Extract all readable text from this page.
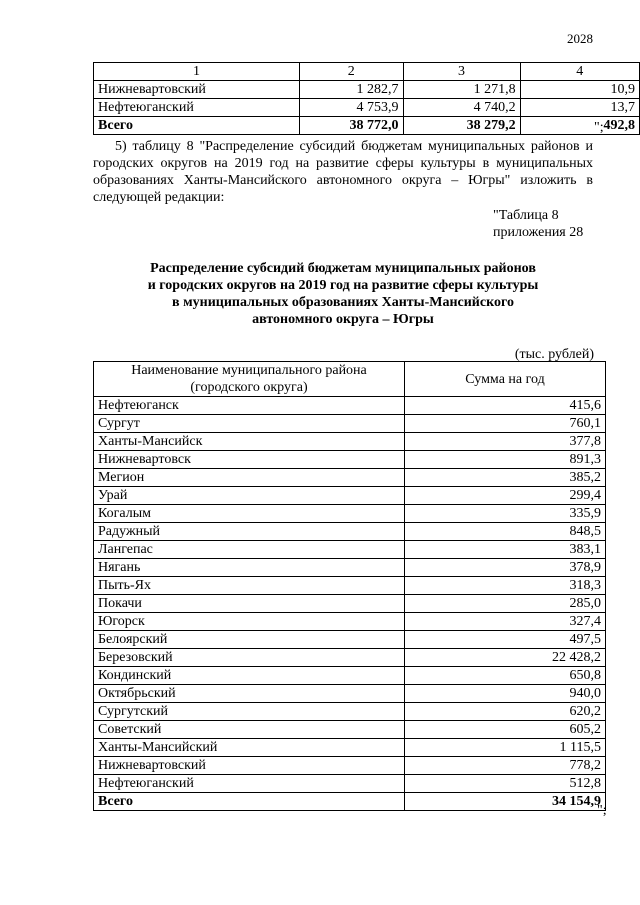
2028
1	2	3	4
Нижневартовский	1 282,7	1 271,8	10,9
Нефтеюганский	4 753,9	4 740,2	13,7
Всего	38 772,0	38 279,2	492,8
";
5) таблицу 8 "Распределение субсидий бюджетам муниципальных районов и городских округов на 2019 год на развитие сферы культуры в муниципальных образованиях Ханты-Мансийского автономного округа – Югры" изложить в следующей редакции:
"Таблица 8
приложения 28
Распределение субсидий бюджетам муниципальных районов
и городских округов на 2019 год на развитие сферы культуры
в муниципальных образованиях Ханты-Мансийского
автономного округа – Югры
(тыс. рублей)
Наименование муниципального района
(городского округа)	Сумма на год
Нефтеюганск	415,6
Сургут	760,1
Ханты-Мансийск	377,8
Нижневартовск	891,3
Мегион	385,2
Урай	299,4
Когалым	335,9
Радужный	848,5
Лангепас	383,1
Нягань	378,9
Пыть-Ях	318,3
Покачи	285,0
Югорск	327,4
Белоярский	497,5
Березовский	22 428,2
Кондинский	650,8
Октябрьский	940,0
Сургутский	620,2
Советский	605,2
Ханты-Мансийский	1 115,5
Нижневартовский	778,2
Нефтеюганский	512,8
Всего	34 154,9
";
